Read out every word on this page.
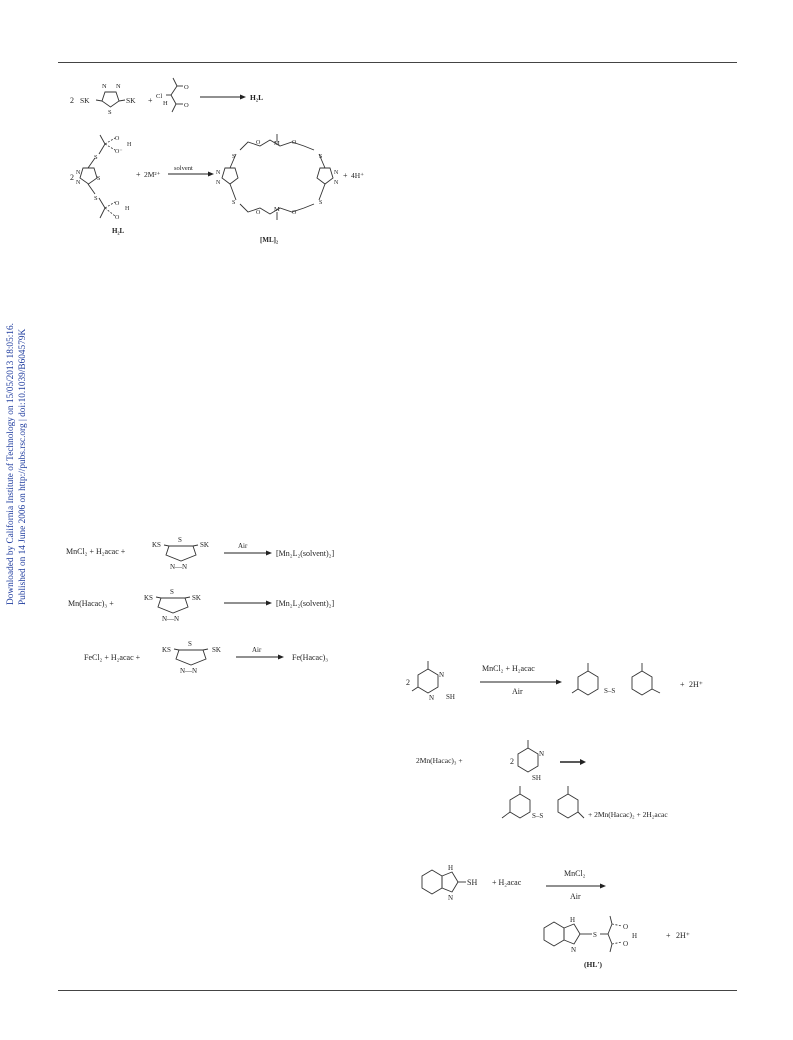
Downloaded by California Institute of Technology on 15/05/2013 18:05:16. Published on 14 June 2006 on http://pubs.rsc.org | doi:10.1039/B604579K
2 SK
N N
S
SK + Cl
H
O
O
H₂L
2
S
S
N
N
S
O
O⁻
H
O
O
H
H₂L
+ 2M²⁺
solvent
S
S
S
S
N
N
N
N
O	O
O	O
M
M
+ 4H⁺
[ML]₂
MnCl₂ + H₂acac +
KS
S
N—N
SK	Air
[Mn₂L₂(solvent)₂]
Mn(Hacac)₃ +
KS
S
N—N
SK
[Mn₂L₂(solvent)₂]
FeCl₂ + H₂acac +
KS
S
N—N
SK	Air
Fe(Hacac)₃
2
N
N SH
MnCl₂ + H₂acac
Air	S–S
+ 2H⁺
2Mn(Hacac)₃ +	2
N
SH
S–S	+ 2Mn(Hacac)₂ + 2H₂acac
H
N
SH + H₂acac
MnCl₂
Air
H
N
S
O
O
H	+ 2H⁺
(HL′)
